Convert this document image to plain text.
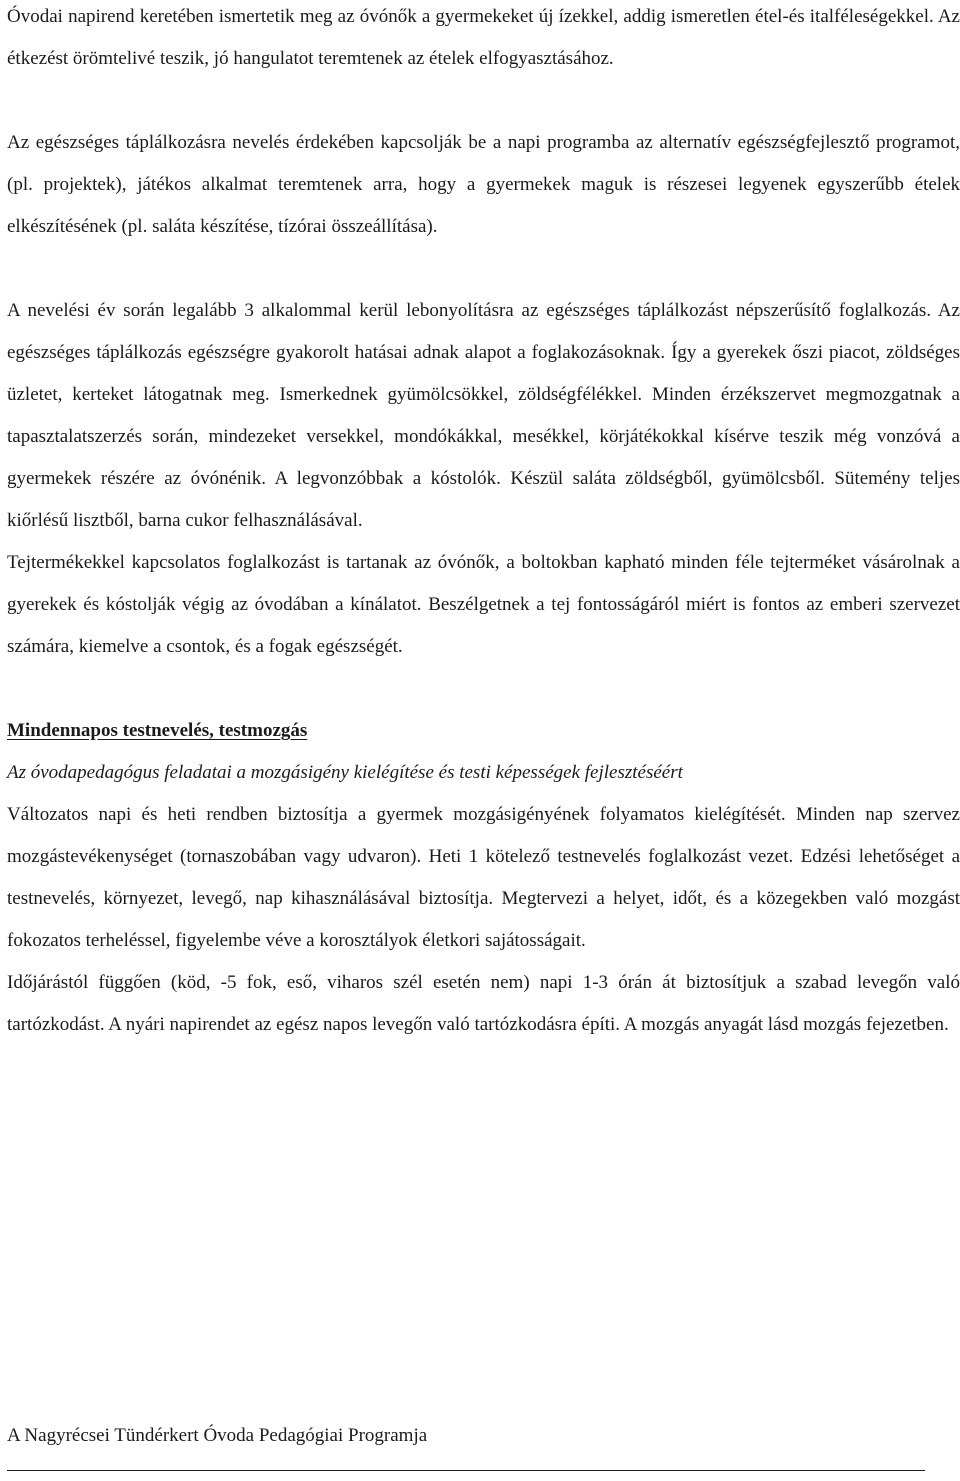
Óvodai napirend keretében ismertetik meg az óvónők a gyermekeket új ízekkel, addig ismeretlen étel-és italféleségekkel. Az étkezést örömtelivé teszik, jó hangulatot teremtenek az ételek elfogyasztásához.

Az egészséges táplálkozásra nevelés érdekében kapcsolják be a napi programba az alternatív egészségfejlesztő programot, (pl. projektek), játékos alkalmat teremtenek arra, hogy a gyermekek maguk is részesei legyenek egyszerűbb ételek elkészítésének (pl. saláta készítése, tízórai összeállítása).

A nevelési év során legalább 3 alkalommal kerül lebonyolításra az egészséges táplálkozást népszerűsítő foglalkozás. Az egészséges táplálkozás egészségre gyakorolt hatásai adnak alapot a foglakozásoknak. Így a gyerekek őszi piacot, zöldséges üzletet, kerteket látogatnak meg. Ismerkednek gyümölcsökkel, zöldségfélékkel. Minden érzékszervet megmozgatnak a tapasztalatszerzés során, mindezeket versekkel, mondókákkal, mesékkel, körjátékokkal kísérve teszik még vonzóvá a gyermekek részére az óvónénik. A legvonzóbbak a kóstolók. Készül saláta zöldségből, gyümölcsből. Sütemény teljes kiőrlésű lisztből, barna cukor felhasználásával.

Tejtermékekkel kapcsolatos foglalkozást is tartanak az óvónők, a boltokban kapható minden féle tejterméket vásárolnak a gyerekek és kóstolják végig az óvodában a kínálatot. Beszélgetnek a tej fontosságáról miért is fontos az emberi szervezet számára, kiemelve a csontok, és a fogak egészségét.

Mindennapos testnevelés, testmozgás
Az óvodapedagógus feladatai a mozgásigény kielégítése és testi képességek fejlesztéséért

Változatos napi és heti rendben biztosítja a gyermek mozgásigényének folyamatos kielégítését. Minden nap szervez mozgástevékenységet (tornaszobában vagy udvaron). Heti 1 kötelező testnevelés foglalkozást vezet. Edzési lehetőséget a testnevelés, környezet, levegő, nap kihasználásával biztosítja. Megtervezi a helyet, időt, és a közegekben való mozgást fokozatos terheléssel, figyelembe véve a korosztályok életkori sajátosságait.

Időjárástól függően (köd, -5 fok, eső, viharos szél esetén nem) napi 1-3 órán át biztosítjuk a szabad levegőn való tartózkodást. A nyári napirendet az egész napos levegőn való tartózkodásra építi. A mozgás anyagát lásd mozgás fejezetben.

A Nagyrécsei Tündérkert Óvoda Pedagógiai Programja
